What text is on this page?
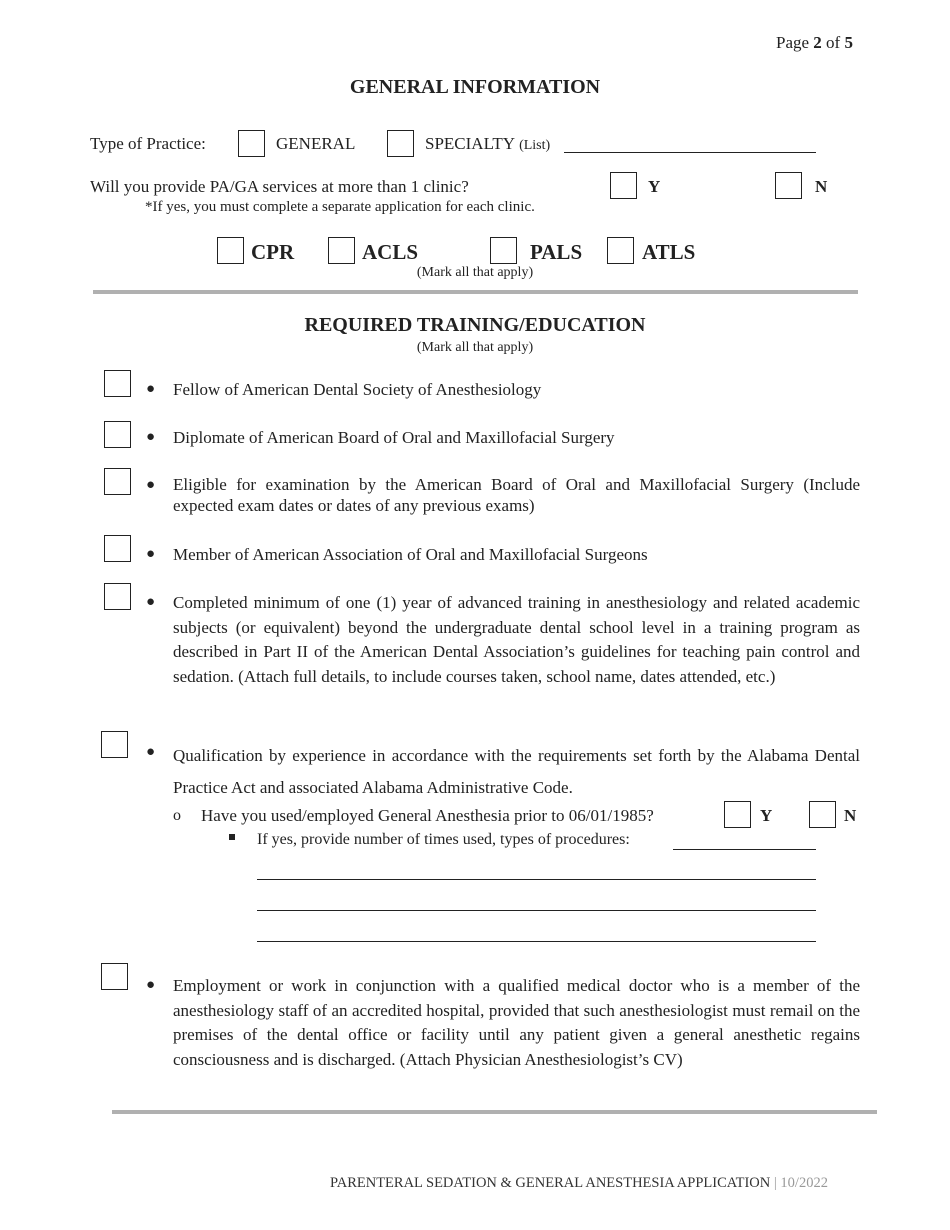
Page 2 of 5
GENERAL INFORMATION
Type of Practice:	GENERAL	SPECIALTY (List)
Will you provide PA/GA services at more than 1 clinic?
*If yes, you must complete a separate application for each clinic.
Y	N
CPR	ACLS	PALS	ATLS
(Mark all that apply)
REQUIRED TRAINING/EDUCATION
(Mark all that apply)
● Fellow of American Dental Society of Anesthesiology
● Diplomate of American Board of Oral and Maxillofacial Surgery
● Eligible for examination by the American Board of Oral and Maxillofacial Surgery (Include expected exam dates or dates of any previous exams)
● Member of American Association of Oral and Maxillofacial Surgeons
● Completed minimum of one (1) year of advanced training in anesthesiology and related academic subjects (or equivalent) beyond the undergraduate dental school level in a training program as described in Part II of the American Dental Association’s guidelines for teaching pain control and sedation. (Attach full details, to include courses taken, school name, dates attended, etc.)
● Qualification by experience in accordance with the requirements set forth by the Alabama Dental Practice Act and associated Alabama Administrative Code.
o Have you used/employed General Anesthesia prior to 06/01/1985?	Y	N
If yes, provide number of times used, types of procedures:
● Employment or work in conjunction with a qualified medical doctor who is a member of the anesthesiology staff of an accredited hospital, provided that such anesthesiologist must remail on the premises of the dental office or facility until any patient given a general anesthetic regains consciousness and is discharged. (Attach Physician Anesthesiologist’s CV)
PARENTERAL SEDATION & GENERAL ANESTHESIA APPLICATION | 10/2022
